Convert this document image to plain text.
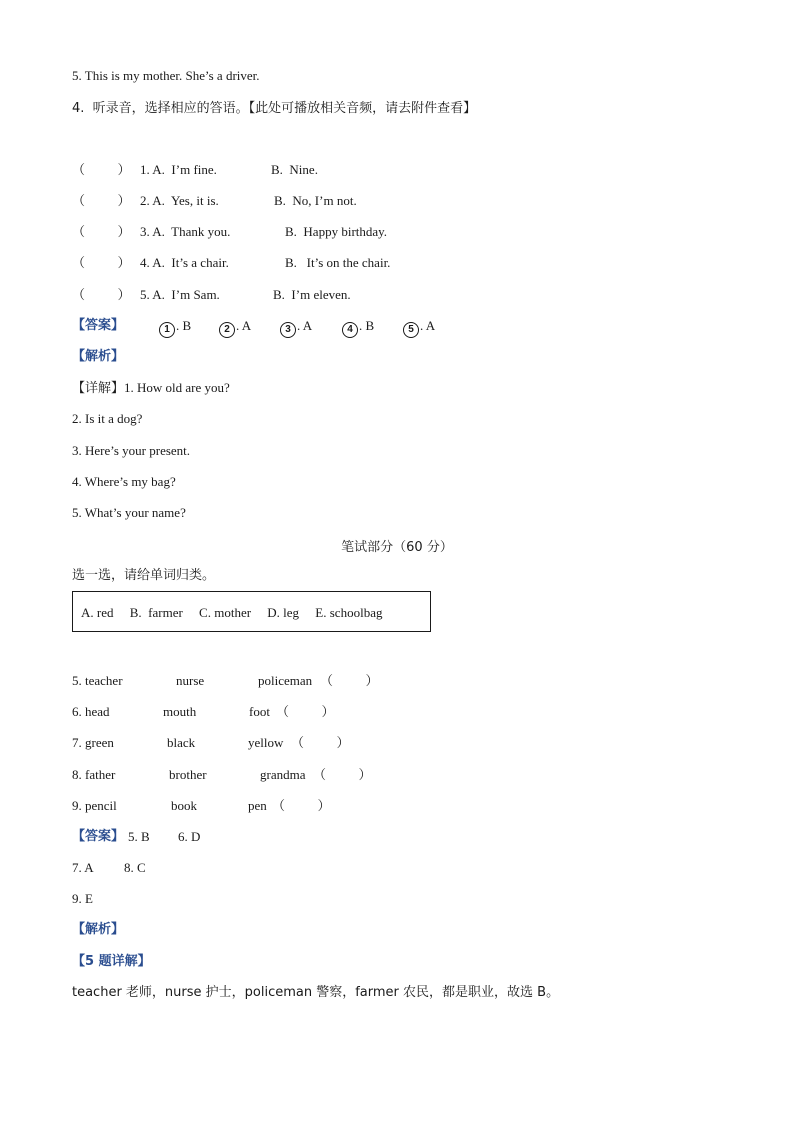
5. This is my mother. She’s a driver.
4.  听录音，选择相应的答语。【此处可播放相关音频，请去附件查看】
（          ） 1. A.  I’m fine.	B.  Nine.
（          ） 2. A.  Yes, it is.	B.  No, I’m not.
（          ） 3. A.  Thank you.	B.  Happy birthday.
（          ） 4. A.  It’s a chair.	B.   It’s on the chair.
（          ） 5. A.  I’m Sam.	B.  I’m eleven.
【答案】	1 . B	2 . A	3 . A	4 . B	5 . A
【解析】
【详解】1. How old are you?
2. Is it a dog?
3. Here’s your present.
4. Where’s my bag?
5. What’s your name?
笔试部分（60 分）
选一选，请给单词归类。
A. red     B.  farmer     C. mother     D. leg     E. schoolbag
5. teacher	nurse	policeman （          ）
6. head	mouth	foot （          ）
7. green	black	yellow （          ）
8. father	brother	grandma （          ）
9. pencil	book	pen （          ）
【答案】 5. B 6. D
7. A 8. C
9. E
【解析】
【5 题详解】
teacher 老师，nurse 护士，policeman 警察，farmer 农民，都是职业，故选 B。
